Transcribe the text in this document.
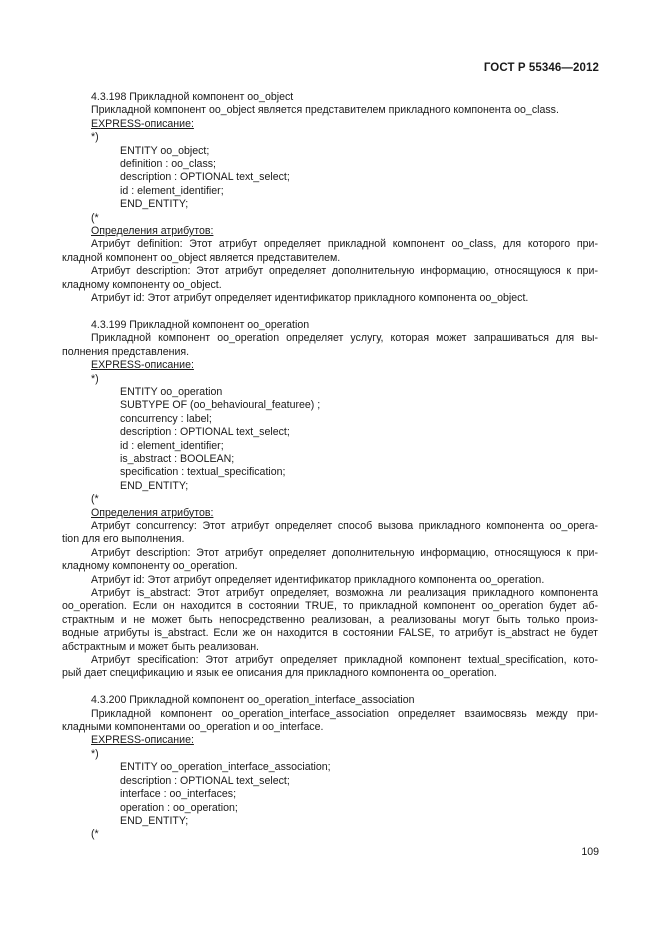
ГОСТ Р 55346—2012
4.3.198 Прикладной компонент oo_object
Прикладной компонент oo_object является представителем прикладного компонента oo_class.
EXPRESS-описание:
*)
ENTITY oo_object;
definition : oo_class;
description : OPTIONAL text_select;
id : element_identifier;
END_ENTITY;
(*
Определения атрибутов:
Атрибут definition: Этот атрибут определяет прикладной компонент oo_class, для которого при-
кладной компонент oo_object является представителем.
Атрибут description: Этот атрибут определяет дополнительную информацию, относящуюся к при-
кладному компоненту oo_object.
Атрибут id: Этот атрибут определяет идентификатор прикладного компонента oo_object.
4.3.199 Прикладной компонент oo_operation
Прикладной компонент oo_operation определяет услугу, которая может запрашиваться для вы-
полнения представления.
EXPRESS-описание:
*)
ENTITY oo_operation
SUBTYPE OF (oo_behavioural_featuree) ;
concurrency : label;
description : OPTIONAL text_select;
id : element_identifier;
is_abstract : BOOLEAN;
specification : textual_specification;
END_ENTITY;
(*
Определения атрибутов:
Атрибут concurrency: Этот атрибут определяет способ вызова прикладного компонента oo_opera-
tion для его выполнения.
Атрибут description: Этот атрибут определяет дополнительную информацию, относящуюся к при-
кладному компоненту oo_operation.
Атрибут id: Этот атрибут определяет идентификатор прикладного компонента oo_operation.
Атрибут is_abstract: Этот атрибут определяет, возможна ли реализация прикладного компонента
oo_operation. Если он находится в состоянии TRUE, то прикладной компонент oo_operation будет аб-
страктным и не может быть непосредственно реализован, а реализованы могут быть только произ-
водные атрибуты is_abstract. Если же он находится в состоянии FALSE, то атрибут is_abstract не будет
абстрактным и может быть реализован.
Атрибут specification: Этот атрибут определяет прикладной компонент textual_specification, кото-
рый дает спецификацию и язык ее описания для прикладного компонента oo_operation.
4.3.200 Прикладной компонент oo_operation_interface_association
Прикладной компонент oo_operation_interface_association определяет взаимосвязь между при-
кладными компонентами oo_operation и oo_interface.
EXPRESS-описание:
*)
ENTITY oo_operation_interface_association;
description : OPTIONAL text_select;
interface : oo_interfaces;
operation : oo_operation;
END_ENTITY;
(*
109
